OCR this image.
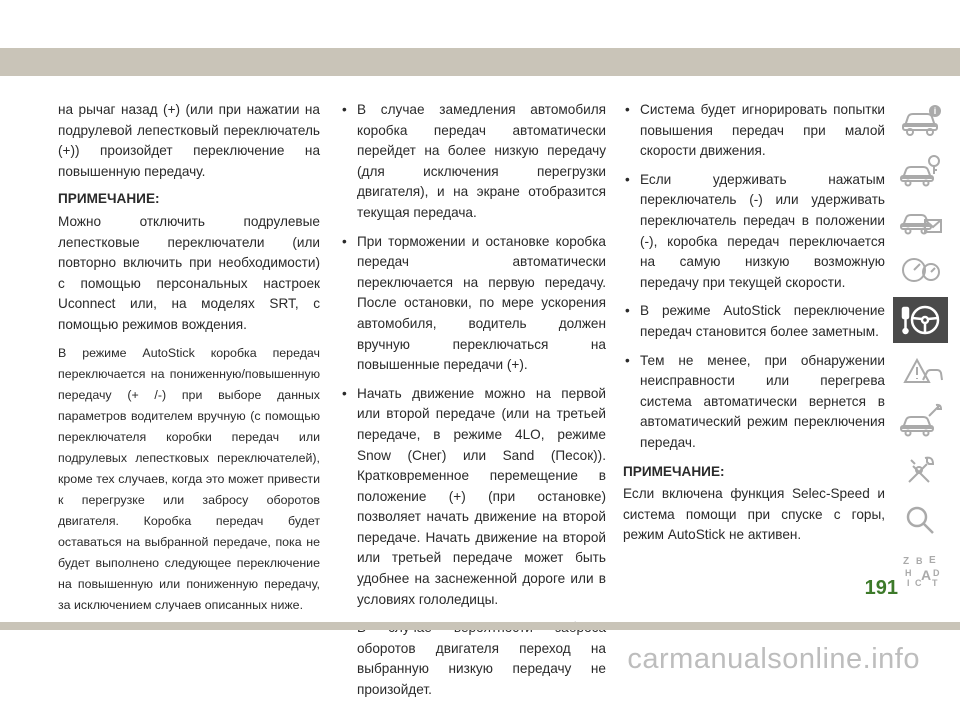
на рычаг назад (+) (или при нажатии на подрулевой лепестковый переключатель (+)) произойдет переключение на повышенную передачу.

ПРИМЕЧАНИЕ:

Можно отключить подрулевые лепестковые переключатели (или повторно включить при необходимости) с помощью персональных настроек Uconnect или, на моделях SRT, с помощью режимов вождения.

В режиме AutoStick коробка передач переключается на пониженную/повышенную передачу (+ /-) при выборе данных параметров водителем вручную (с помощью переключателя коробки передач или подрулевых лепестковых переключателей), кроме тех случаев, когда это может привести к перегрузке или забросу оборотов двигателя. Коробка передач будет оставаться на выбранной передаче, пока не будет выполнено следующее переключение на повышенную или пониженную передачу, за исключением случаев описанных ниже.

• В случае замедления автомобиля коробка передач автоматически перейдет на более низкую передачу (для исключения перегрузки двигателя), и на экране отобразится текущая передача.
• При торможении и остановке коробка передач автоматически переключается на первую передачу. После остановки, по мере ускорения автомобиля, водитель должен вручную переключаться на повышенные передачи (+).
• Начать движение можно на первой или второй передаче (или на третьей передаче, в режиме 4LO, режиме Snow (Снег) или Sand (Песок)). Кратковременное перемещение в положение (+) (при остановке) позволяет начать движение на второй передаче. Начать движение на второй или третьей передаче может быть удобнее на заснеженной дороге или в условиях гололедицы.
• оборотов двигателя переход на выбранную низкую передачу не произойдет.
• Система будет игнорировать попытки повышения передач при малой скорости движения.
• Если удерживать нажатым переключатель (-) или удерживать переключатель передач в положении (-), коробка передач переключается на самую низкую возможную передачу при текущей скорости.
• В режиме AutoStick переключение передач становится более заметным.
• Тем не менее, при обнаружении неисправности или перегрева система автоматически вернется в автоматический режим переключения передач.

ПРИМЕЧАНИЕ:

Если включена функция Selec-Speed и система помощи при спуске с горы, режим AutoStick не активен.

i
Z B E
H A D
I C T
191
carmanualsonline.info
